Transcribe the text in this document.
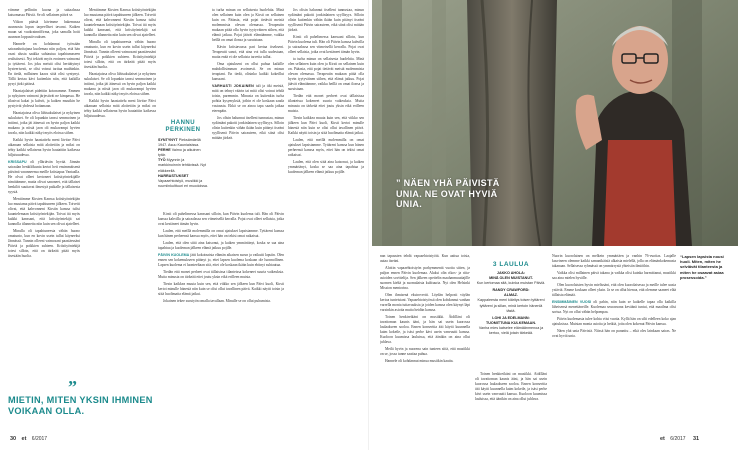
viimme pelliniin kuona ja saitaalassa katsomassa Päiviä. Se oli sellainen päivä se.

Viikon päästä kävimme hakemassa asunnosta lopun tarpeelliset tavarat. Kaiken muun sai vuokrainniffirma, joka samalla hoiti asunnon loppusiivouksen.

Hannele on kohdannut työssään sairaanhoitajana kuolemaa niin paljon, että hän osasi alusta saakka suhtautua tapahtumaseen realistisesti. Nyt tekivät myös eroimen vaimonsi ja tyttäreni. Jos joku meistä olisi herttätytnyt hysteerisesti, se olisi voinut tarttua muihinkin. En tiedä, millainen kaaos siitä olisi syntynyt. Tällä kertaa kävi kuitenkin niin, että kaikilla pysyi järki päässä.

Haastajalaiset pidettiin kotonamme. Emmen ja nykyinen vaimoni järjestivät ne kimpassa. He tilasivat kakat ja kahvit, ja kaiken muutkin he pystyivät yhdessä hoitamaan.

Haastajaissa oliva lähisukulaiset ja nykyinen sukulaiset. Se oli lopunkin tanssi semmoinen ja intiimi, jotka jäi äänessä on hyvin paljon kaikki mukana ja niistä jaon oli mukavampi hyvien tavala, niin kaikki näkyi myös eloissa siihen.

Kaikki hyvin haastattelu meni lävitse Päivi aikanaan sellaisia mitä aloitettiin ja miksi on tehty kaikki sellaisena hyvin hautattiin kaikessa hiljaisuudessa.

KRISSAPU oli ylläriävän hyvää. Jännän sairaalan henkilökunta kertoi heti ensimmäisenä päivänä varanneensa meille kriisiapua Vantaalla. He olvat olleet kertoneet kriisityöntekijälle nimittämme, mutta olivat sanoneet, että tällaiset henkilöt suuttavat ilmestyä paikalle ja tällaisesta syystä.

Mentiimme Kirsten Kanssa kriisityöntekijän luo muutama päivä tapahtuneen jälkeen. Toiveiti olivat, että kahvonneni Kirstin kanssa tulisi kuuntelemaan kriisityöntekijän. Toivat itä myös kaikki kanssani, että kriisityöntekijä sai kunnolla tilannetta niin kuin sen olivat ajatelleet.

Minulla oli tapahtuneesta vähän huono omatunto, kun en kovin usein tullut käyneeksi Jännässä. Tunnin olleeni vaimosani paastäessäni Päiviä ja poikkien suhteen. Kriisityöntekijä totesi silloin, että on tärkeää pitää myös itsestään huolta.

Mentiimme Kirsten Kanssa kriisityöntekijän luo muutama päivä tapahtuneen jälkeen. Toiveiti olivat, että kahvonneni Kirstin kanssa tulisi kuuntelemaan kriisityöntekijän. Toivat itä myös kaikki kanssani, että kriisityöntekijä sai kunnolla tilannetta niin kuin sen olivat ajatelleet.

Minulla oli tapahtuneesta vähän huono omatunto, kun en kovin usein tullut käyneeksi Jännässä. Tunnin olleeni vaimosani paastäessäni Päiviä ja poikkien suhteen. Kriisityöntekijä totesi silloin, että on tärkeää pitää myös itsestään huolta.

Haastajaissa oliva lähisukulaiset ja nykyinen sukulaiset. Se oli lopunkin tanssi semmoinen ja intiimi, jotka jäi äänessä on hyvin paljon kaikki mukana ja niistä jaon oli mukavampi hyvien tavala, niin kaikki näkyi myös eloissa siihen.

Kaikki hyvin haastattelu meni lävitse Päivi aikanaan sellaisia mitä aloitettiin ja miksi on tehty kaikki sellaisena hyvin hautattiin kaikessa hiljaisuudessa.

HANNU PERKINEN
SYNTYNYT Pieksämäellä 1947. Asuu Kauniaisissa.
PERHE Vaimo ja aikuinen tytär.
TYÖ Myynnin ja markkinoinnin tehtävissä. Nyt eläkkeellä.
HARRASTUKSET Vapaaehtoistyö, musiikki ja ruumiinkulttuuri eri muodoissa.

ta turha minun on sellaisesta huolehtia. Minä olen sellainen kuin olen ja Kirsti on sellainen kuin on. Pääasia, että pojat tietävät meistä molemmista olevan olemassa. Terapeutin mukaan pitää olla hyvin tyytyväinen siihen, että elämä jatkuu. Pojat jäävät elämäämme, vaikka heillä on omat ilonsa ja suruistaan.

Kävin kriisiavussa pari kertaa itsekseni. Terapeutti sanoi, että aina voi tulla uudestaan, mutta enää ei ole sellaista tarvetta tullut.

Oma ajatukseni on ollut puhua kaikille mahdollisimman avoimesti. Se on minun terapiani. En tiedä, olisinko kaikki kokeillut kanssani.

VARHASTI JOKAINEN tuli ja itki meistä, mitä on tehnyt väärin tai mitä olisi voinut tehdä toisin, paremmin. Minusta on kuitenkin turha pohtia kysymyksiä, joihin ei ole koskaan saada vastausta. Ehkä se on ainoa tapa saada jatkaa eteenpäin.

Jos olisin halunnut itselleni tunnustaa, minun sydäntäni pakotti jonkinlainen syyllisyys. Silloin olisin kuitenkin vähän ikään kuin pitänyt itseäni syyllisenä Päivin sairauteen, eikä siinä olisi mitään järkeä.

Kirsti oli puhelimessa kanssani silloin, kun Päivin kuolema tuli. Hän oli Päivin kanssa kahvilla ja sairaalassa sen viimeisellä kerralla. Pojat ovat olleet sellaisia, jotka ovat kestäneet tämän hyvin.

Laulen, että meillä molemmilla on omat ajatukset lapsistamme. Tyttäreni kanssa kun hänen perheensä kanssa myös, ettei hän on tekisi omat ratkaisut.

Laulen, että olen siitä aina katsonut, ja kaiken ymmärtänyt, koska se saa aina tapahtua ja kuoleman jälkeen elämä jatkuu pojille.

PÄIVIN KUOLEMA jätti kokoinaista elämän aikaisen surun ja vaikutti lapsiin. Olen ennen sen kokemukseen pitänyt jo, ettei lapsen kuolema koskaan ole luonnollinen. Lapsen kuolema ei luonteeltaan sitä, ettei ole koskaan ikään kuin ehtinyt suhtautua.

Tiedän että monet perheet ovat tällaisissa tilanteissa kokeneet suuria vaikeuksia. Mutta minusta on tärkeää ettei joutu yksin eikä erilleen muista.

Tiesin kaikkea muuta kuin sen, että viikko sen jälkeen kun Päivi kuoli, Kirsti kertoi minulle hänestä niin kuin se olisi ollut tavallinen päivä. Kaikki näytti toisin ja siitä huolimatta elämä jatkui.

Jokainen tekee surutyön omalla tavallaan. Minulle se on ollut puhumista.

Jos olisin halunnut itselleni tunnustaa, minun sydäntäni pakotti jonkinlainen syyllisyys. Silloin olisin kuitenkin vähän ikään kuin pitänyt itseäni syyllisenä Päivin sairauteen, eikä siinä olisi mitään järkeä.

Kirsti oli puhelimessa kanssani silloin, kun Päivin kuolema tuli. Hän oli Päivin kanssa kahvilla ja sairaalassa sen viimeisellä kerralla. Pojat ovat olleet sellaisia, jotka ovat kestäneet tämän hyvin.

ta turha minun on sellaisesta huolehtia. Minä olen sellainen kuin olen ja Kirsti on sellainen kuin on. Pääasia, että pojat tietävät meistä molemmista olevan olemassa. Terapeutin mukaan pitää olla hyvin tyytyväinen siihen, että elämä jatkuu. Pojat jäävät elämäämme, vaikka heillä on omat ilonsa ja suruistaan.

Tiedän että monet perheet ovat tällaisissa tilanteissa kokeneet suuria vaikeuksia. Mutta minusta on tärkeää ettei joutu yksin eikä erilleen muista.

Tiesin kaikkea muuta kuin sen, että viikko sen jälkeen kun Päivi kuoli, Kirsti kertoi minulle hänestä niin kuin se olisi ollut tavallinen päivä. Kaikki näytti toisin ja siitä huolimatta elämä jatkui.

Laulen, että meillä molemmilla on omat ajatukset lapsistamme. Tyttäreni kanssa kun hänen perheensä kanssa myös, ettei hän on tekisi omat ratkaisut.

Laulen, että olen siitä aina katsonut, ja kaiken ymmärtänyt, koska se saa aina tapahtua ja kuoleman jälkeen elämä jatkuu pojille.

”
MIETIN, MITEN YKSIN IHMINEN VOIKAAN OLLA.
30 et 6/2017
” NÄEN YHÄ PÄIVISTÄ UNIA. NE OVAT HYVIÄ UNIA.

nan tapausten tehdä vapaaehtoistyötä. Kun aattua toisia, autaa itseäni.

Aloitin vapaaehtoistyön parhymmentä vuotta sitten, ja paljon ennen Päivin kuolemaa. Aluksi olin rikos- ja riita-asioiden sovittelija. Sen jälkeen opettelin maahanmuuttajille suomen kieltä ja suomalaista kulttuuria. Nyt olen Helsinki Mission mentorina.

Olen ihmisenä ekstrovertti. Löydän helposti väylän kertoa tunteistani. Vapaaehtoistyössä olen kohdannut vanhan varrella monia tuttavuuksia ja joiden kanssa olen käynyt läpi varsinkin asioita mutta heidän kanssa.

Toinen henkireikäni on musiikki. Äidilläni oli tavattoman kaunis ääni, ja hän sai usein kuorossa laulaakseen sooloa. Ennen konserttia äiti käytti kuunnella kaim kokeile, ja isäsi perhe kävi usein vanvuutti kanssa. Kuoloon kuumissa lauluissa, että äänikin on aina ollut juhlava.

Meilä hyvin ja nuorena sain tunteen siitä, että musiikki on se, jossa tunne saattaa puhua.

Hannele oli kohdannut minua musiikin kautta.

3 LAULUA
JAKKO AHOLA:
MINÄ OLEN MUISTANUT.
Kun kertomaa sitä, kuinka muistan Päiviä.
RANDY CRAWFORD:
ALMAZ.
Kappaleesta meni kiäritys toisen tyttäreni tyttäreni ja sillan, minä kertoin hänenlä tästä.
LOHI JA EDELMANN:
TUOMITTUNA KULKEMAAN.
Vanha mies katselee elämäänmenoa ja kertoo, vielä jotain tärkeää.

Toinen henkireikäni on musiikki. Äidilläni oli tavattoman kaunis ääni, ja hän sai usein kuorossa laulaakseen sooloa. Ennen konserttia äiti käytti kuunnella kaim kokeile, ja isäsi perhe kävi usein vanvuutti kanssa. Kuoloon kuumissa lauluissa, että äänikin on aina ollut juhlava.

Nuorin kuorolainen on melkein ymmärtäen ja vanhin 76-vuotias. Laajalle kasvineen olemme kaikki samanikäisiä alkaisia mielellä, jolla on elämänkokemusta takanaan. Sellaisessa ryhmässä on ymmärrystä yhteisiin ilmiöihin.

Vaikka olisi millainen päivä takana ja vaikka olisi kuinka harmittanut, musiikki saa aina mielen hyvälle.

Olen kuorolaisten hyvin mielissäni, että olen kuorolaisessa ja meille tulee uusia ystäviä. Emme koskaan olleet yksin. Ja se on ollut hienoa, että olemme saaneet elää tällaista elämää.

ENSIMMÄINEN VUOSI oli pahin, niin kuin se kaikelle tapaa olla kaikilla läheisensä menettäneille. Kuolemaa seuraavana keväänä tuntui, että maailma olisi sortua. Nyt on ollut vähän helpompaa.

Päivin kuolemasta tulee kohta viisi vuotta. Kyllä hän on silti edelleen koko ajan ajatuksissa. Muistan monia asioita ja hetkiä, joita olen kokenut Päivin kanssa.

Näen yhä unia Päivistä. Niissä hän on paranttu – eikä oles lainkaan sairas. Ne ovat hyviä unia.

“Lapsen lapsista nousi huoli. Miten, miten he selviävät tilanteesta ja miten he osaavat asiaa prosessoida.”
et 6/2017 31
